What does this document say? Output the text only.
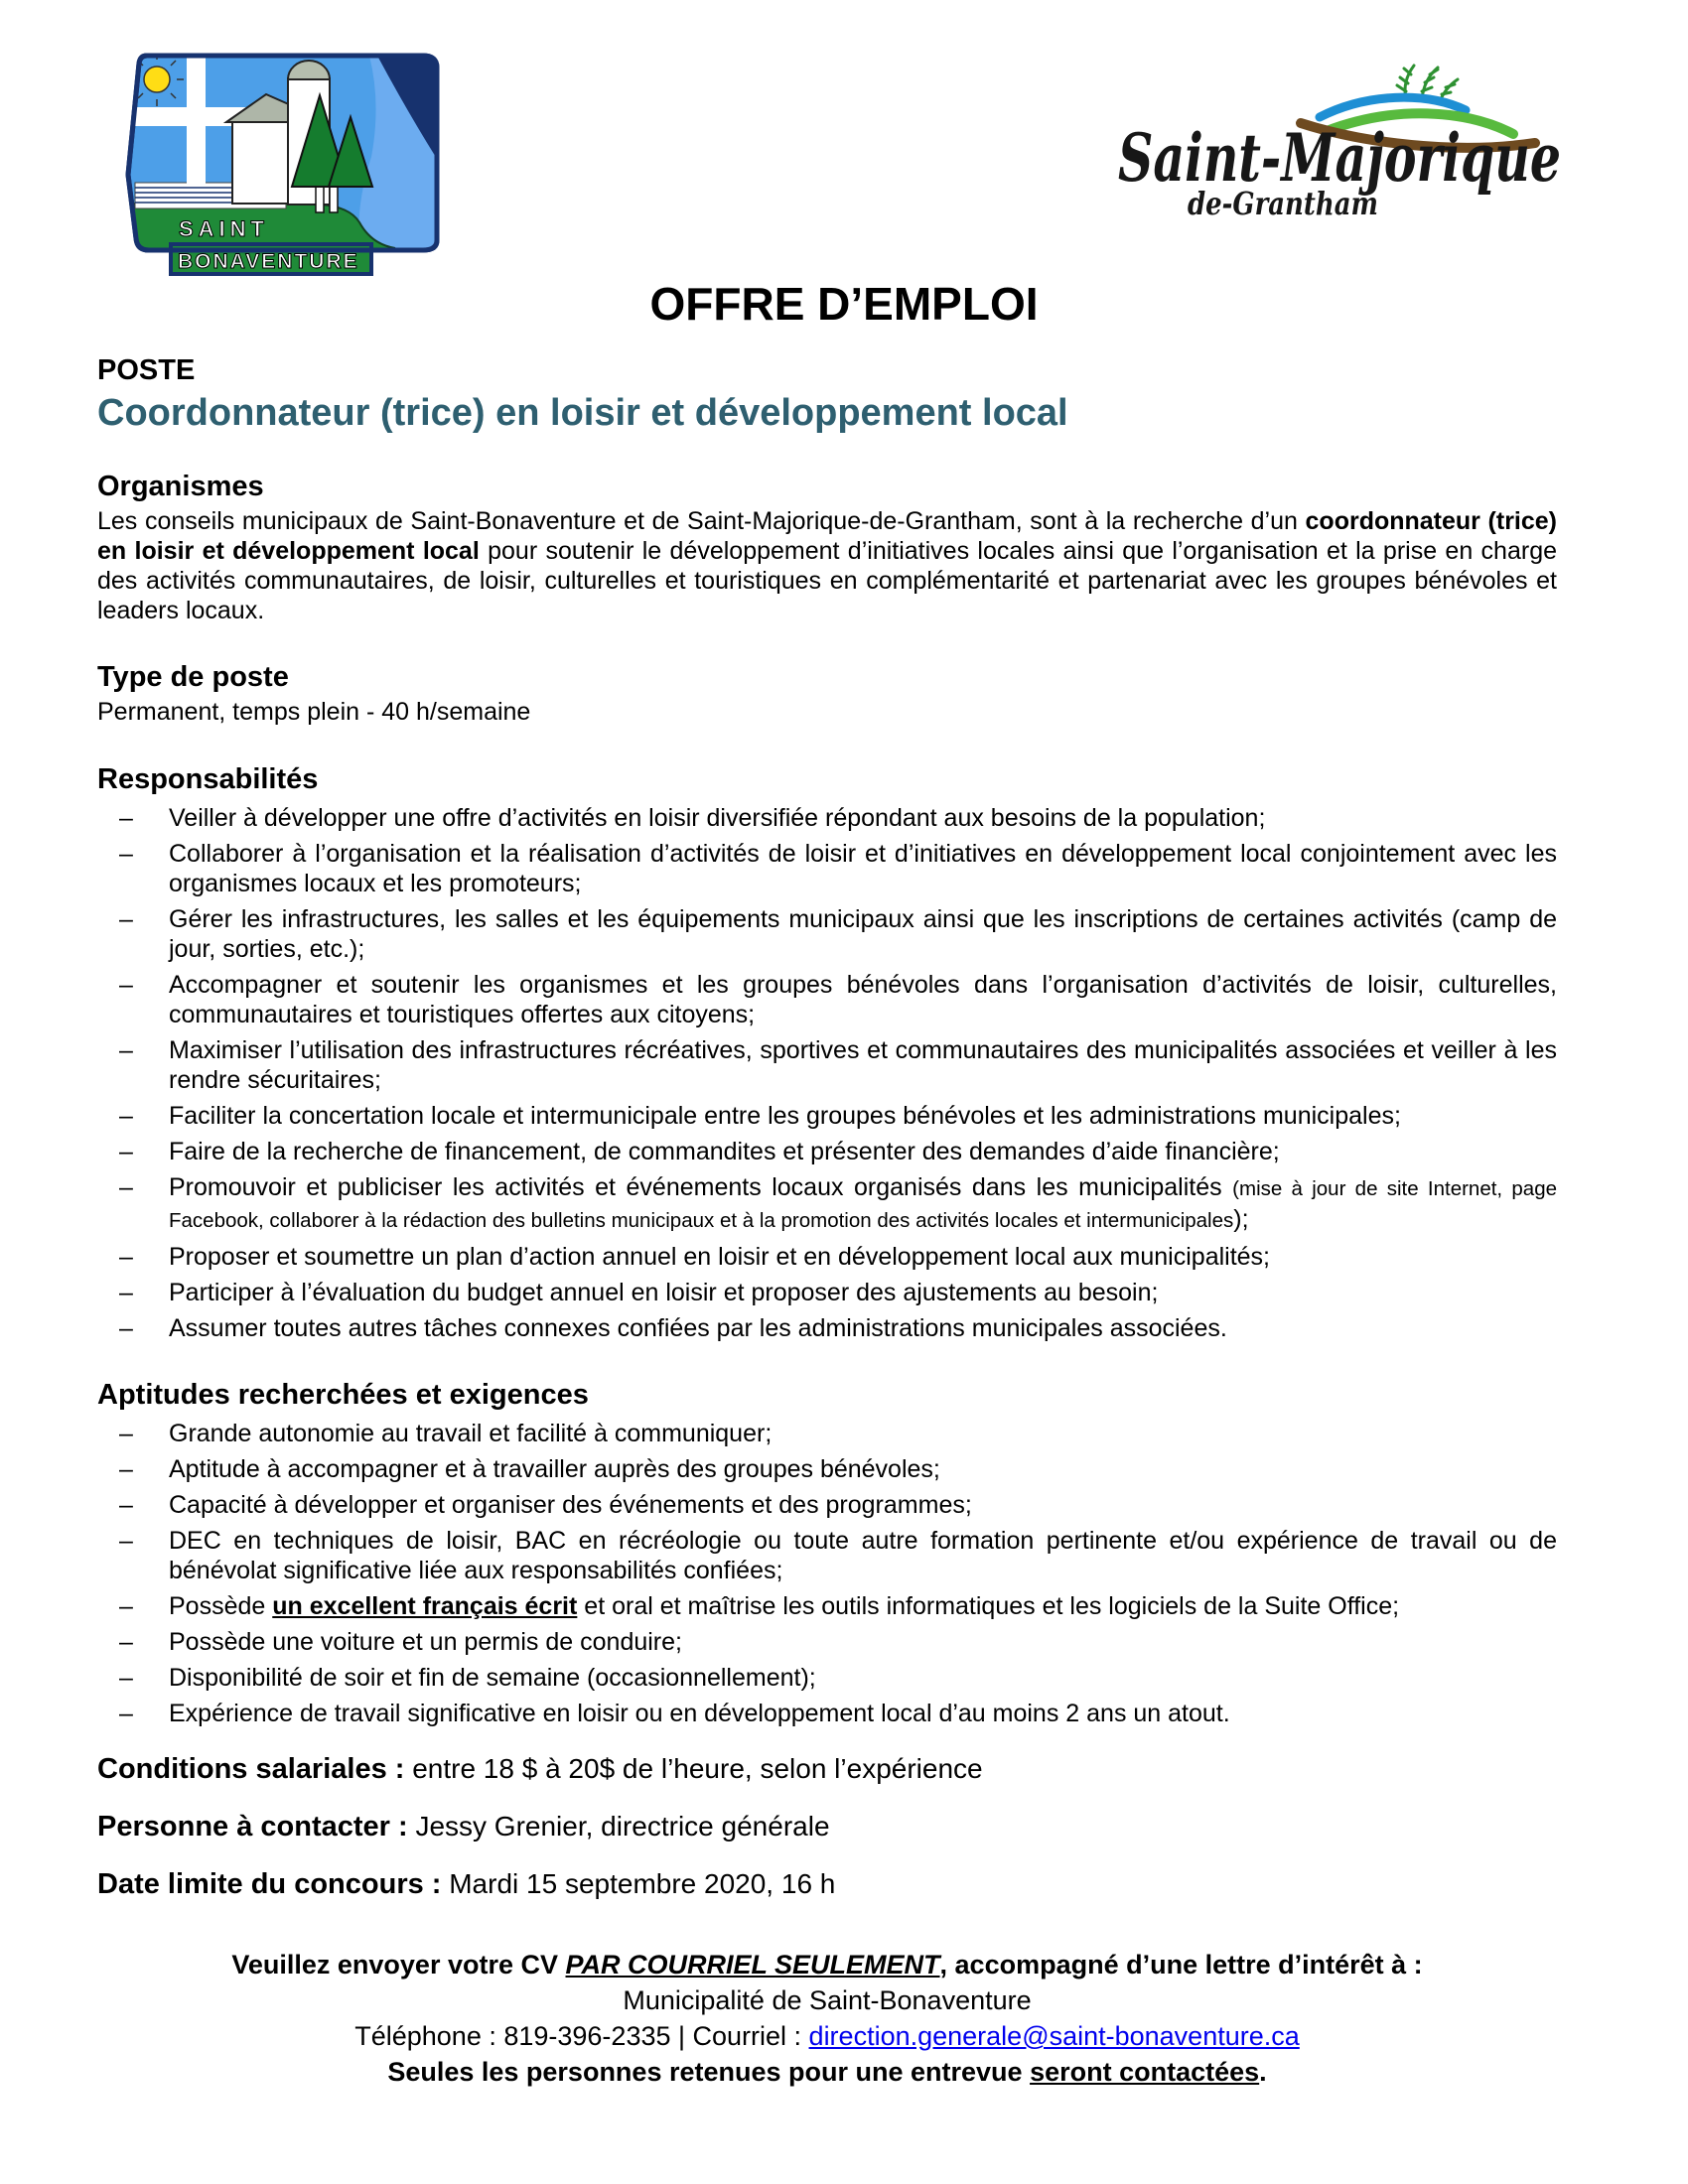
SAINT
BONAVENTURE
Saint-Majorique
de-Grantham
OFFRE D’EMPLOI
POSTE
Coordonnateur (trice) en loisir et développement local
Organismes

Les conseils municipaux de Saint-Bonaventure et de Saint-Majorique-de-Grantham, sont à la recherche d’un coordonnateur (trice) en loisir et développement local pour soutenir le développement d’initiatives locales ainsi que l’organisation et la prise en charge des activités communautaires, de loisir, culturelles et touristiques en complémentarité et partenariat avec les groupes bénévoles et leaders locaux.

Type de poste

Permanent, temps plein - 40 h/semaine

Responsabilités
– Veiller à développer une offre d’activités en loisir diversifiée répondant aux besoins de la population;
– Collaborer à l’organisation et la réalisation d’activités de loisir et d’initiatives en développement local conjointement avec les organismes locaux et les promoteurs;
– Gérer les infrastructures, les salles et les équipements municipaux ainsi que les inscriptions de certaines activités (camp de jour, sorties, etc.);
– Accompagner et soutenir les organismes et les groupes bénévoles dans l’organisation d’activités de loisir, culturelles, communautaires et touristiques offertes aux citoyens;
– Maximiser l’utilisation des infrastructures récréatives, sportives et communautaires des municipalités associées et veiller à les rendre sécuritaires;
– Faciliter la concertation locale et intermunicipale entre les groupes bénévoles et les administrations municipales;
– Faire de la recherche de financement, de commandites et présenter des demandes d’aide financière;
– Promouvoir et publiciser les activités et événements locaux organisés dans les municipalités (mise à jour de site Internet, page Facebook, collaborer à la rédaction des bulletins municipaux et à la promotion des activités locales et intermunicipales);
– Proposer et soumettre un plan d’action annuel en loisir et en développement local aux municipalités;
– Participer à l’évaluation du budget annuel en loisir et proposer des ajustements au besoin;
– Assumer toutes autres tâches connexes confiées par les administrations municipales associées.
Aptitudes recherchées et exigences
– Grande autonomie au travail et facilité à communiquer;
– Aptitude à accompagner et à travailler auprès des groupes bénévoles;
– Capacité à développer et organiser des événements et des programmes;
– DEC en techniques de loisir, BAC en récréologie ou toute autre formation pertinente et/ou expérience de travail ou de bénévolat significative liée aux responsabilités confiées;
– Possède un excellent français écrit et oral et maîtrise les outils informatiques et les logiciels de la Suite Office;
– Possède une voiture et un permis de conduire;
– Disponibilité de soir et fin de semaine (occasionnellement);
– Expérience de travail significative en loisir ou en développement local d’au moins 2 ans un atout.

Conditions salariales : entre 18 $ à 20$ de l’heure, selon l’expérience

Personne à contacter : Jessy Grenier, directrice générale

Date limite du concours : Mardi 15 septembre 2020, 16 h

Veuillez envoyer votre CV PAR COURRIEL SEULEMENT, accompagné d’une lettre d’intérêt à :
Municipalité de Saint-Bonaventure
Téléphone : 819-396-2335 | Courriel : direction.generale@saint-bonaventure.ca
Seules les personnes retenues pour une entrevue seront contactées.
